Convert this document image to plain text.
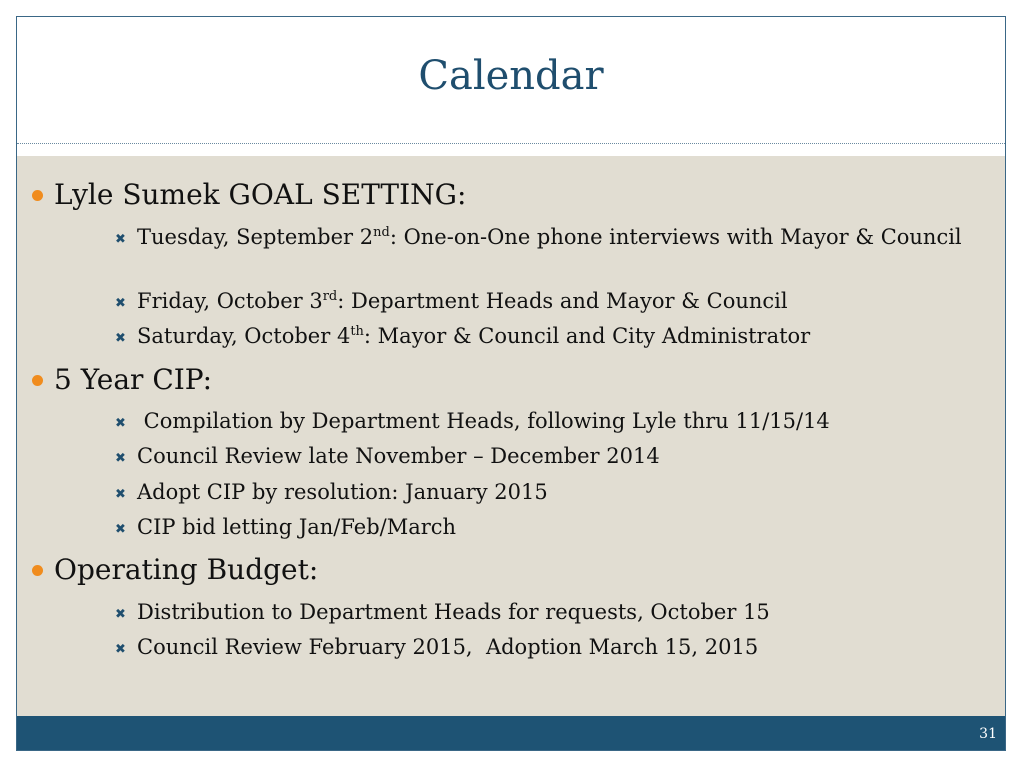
Calendar
Lyle Sumek GOAL SETTING:
✖ Tuesday, September 2nd: One-on-One phone interviews with Mayor & Council
✖ Friday, October 3rd: Department Heads and Mayor & Council
✖ Saturday, October 4th: Mayor & Council and City Administrator
5 Year CIP:
✖ Compilation by Department Heads, following Lyle thru 11/15/14
✖ Council Review late November – December 2014
✖ Adopt CIP by resolution: January 2015
✖ CIP bid letting Jan/Feb/March
Operating Budget:
✖ Distribution to Department Heads for requests, October 15
✖ Council Review February 2015,  Adoption March 15, 2015
31
